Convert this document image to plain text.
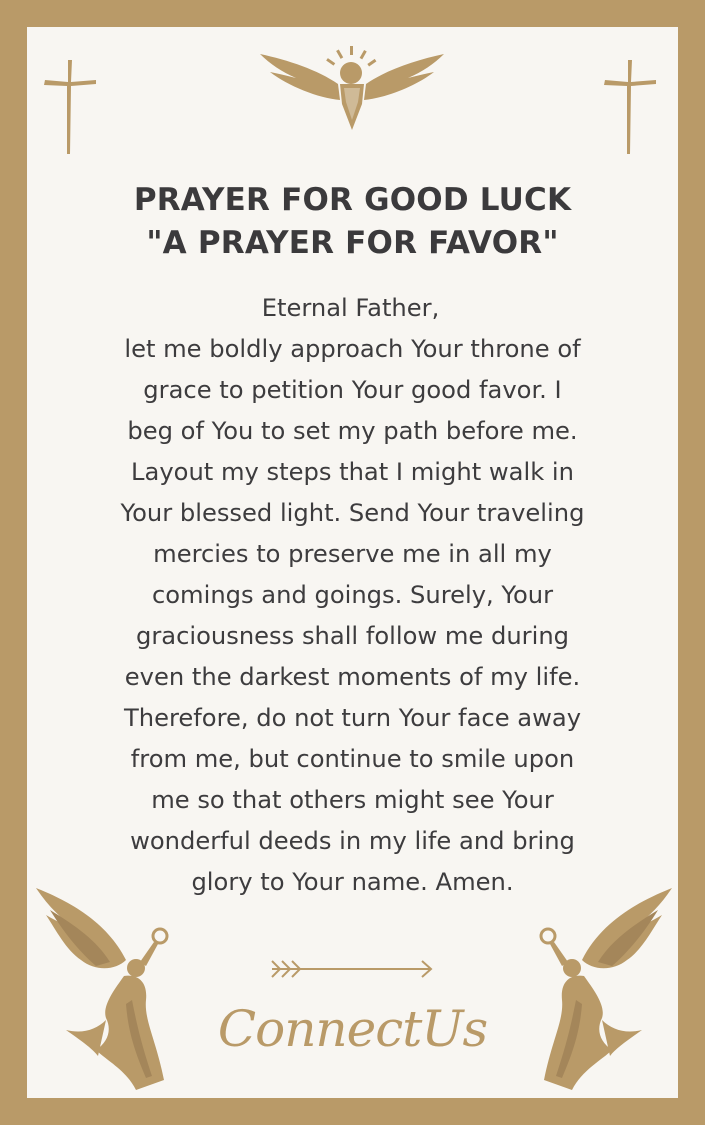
PRAYER FOR GOOD LUCK
"A PRAYER FOR FAVOR"
Eternal Father,
let me boldly approach Your throne of
grace to petition Your good favor. I
beg of You to set my path before me.
Layout my steps that I might walk in
Your blessed light. Send Your traveling
mercies to preserve me in all my
comings and goings. Surely, Your
graciousness shall follow me during
even the darkest moments of my life.
Therefore, do not turn Your face away
from me, but continue to smile upon
me so that others might see Your
wonderful deeds in my life and bring
glory to Your name. Amen.
ConnectUs
